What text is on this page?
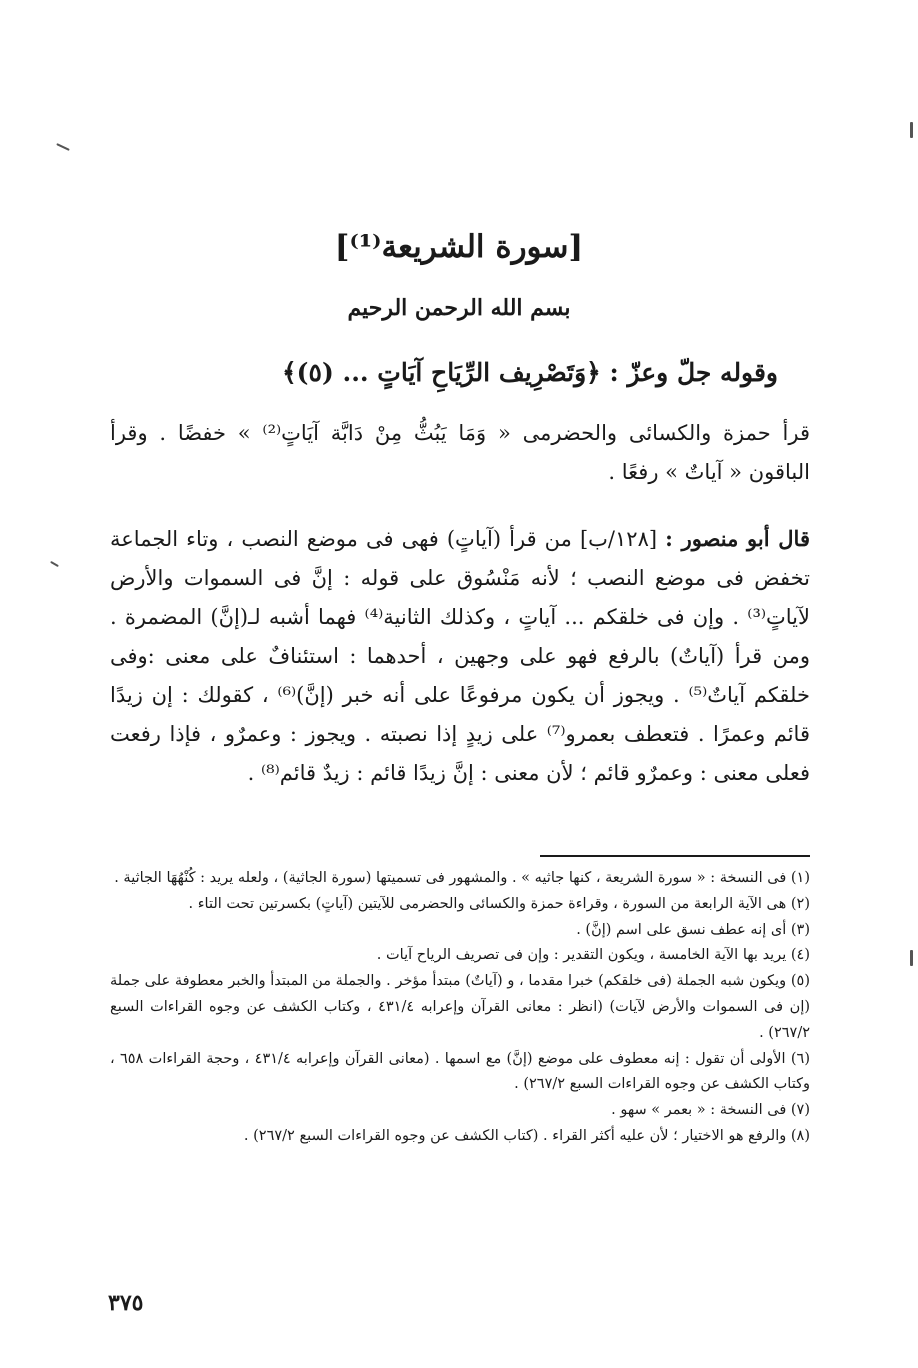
[سورة الشريعة⁽¹⁾]
بسم الله الرحمن الرحيم
وقوله جلّ وعزّ : ﴿وَتَصْرِيف الرِّيَاحِ آيَاتٍ ... (٥)﴾
قرأ حمزة والكسائى والحضرمى « وَمَا يَبُثُّ مِنْ دَابَّة آيَاتٍ⁽²⁾ » خفضًا . وقرأ الباقون « آياتٌ » رفعًا .
قال أبو منصور : [١٢٨/ب] من قرأ (آياتٍ) فهى فى موضع النصب ، وتاء الجماعة تخفض فى موضع النصب ؛ لأنه مَنْسُوق على قوله : إنَّ فى السموات والأرض لآياتٍ⁽³⁾ . وإن فى خلقكم ... آياتٍ ، وكذلك الثانية⁽⁴⁾ فهما أشبه لـ(إنَّ) المضمرة . ومن قرأ (آياتٌ) بالرفع فهو على وجهين ، أحدهما : استئنافٌ على معنى :وفى خلقكم آياتٌ⁽⁵⁾ . ويجوز أن يكون مرفوعًا على أنه خبر (إنَّ)⁽⁶⁾ ، كقولك : إن زيدًا قائم وعمرًا . فتعطف بعمرو⁽⁷⁾ على زيدٍ إذا نصبته . ويجوز : وعمرٌو ، فإذا رفعت فعلى معنى : وعمرٌو قائم ؛ لأن معنى : إنَّ زيدًا قائم : زيدٌ قائم⁽⁸⁾ .

(١) فى النسخة : « سورة الشريعة ، كنها جاثيه » . والمشهور فى تسميتها (سورة الجاثية) ، ولعله يريد : كُنْهُهَا الجاثية .

(٢) هى الآية الرابعة من السورة ، وقراءة حمزة والكسائى والحضرمى للآيتين (آياتٍ) بكسرتين تحت التاء .

(٣) أى إنه عطف نسق على اسم (إنَّ) .

(٤) يريد بها الآية الخامسة ، ويكون التقدير : وإن فى تصريف الرياح آيات .

(٥) ويكون شبه الجملة (فى خلقكم) خبرا مقدما ، و (آياتٌ) مبتدأ مؤخر . والجملة من المبتدأ والخبر معطوفة على جملة (إن فى السموات والأرض لآيات) (انظر : معانى القرآن وإعرابه ٤٣١/٤ ، وكتاب الكشف عن وجوه القراءات السبع ٢٦٧/٢) .

(٦) الأولى أن تقول : إنه معطوف على موضع (إنَّ) مع اسمها . (معانى القرآن وإعرابه ٤٣١/٤ ، وحجة القراءات ٦٥٨ ، وكتاب الكشف عن وجوه القراءات السبع ٢٦٧/٢) .

(٧) فى النسخة : « بعمر » سهو .

(٨) والرفع هو الاختيار ؛ لأن عليه أكثر القراء . (كتاب الكشف عن وجوه القراءات السبع ٢٦٧/٢) .

٣٧٥
